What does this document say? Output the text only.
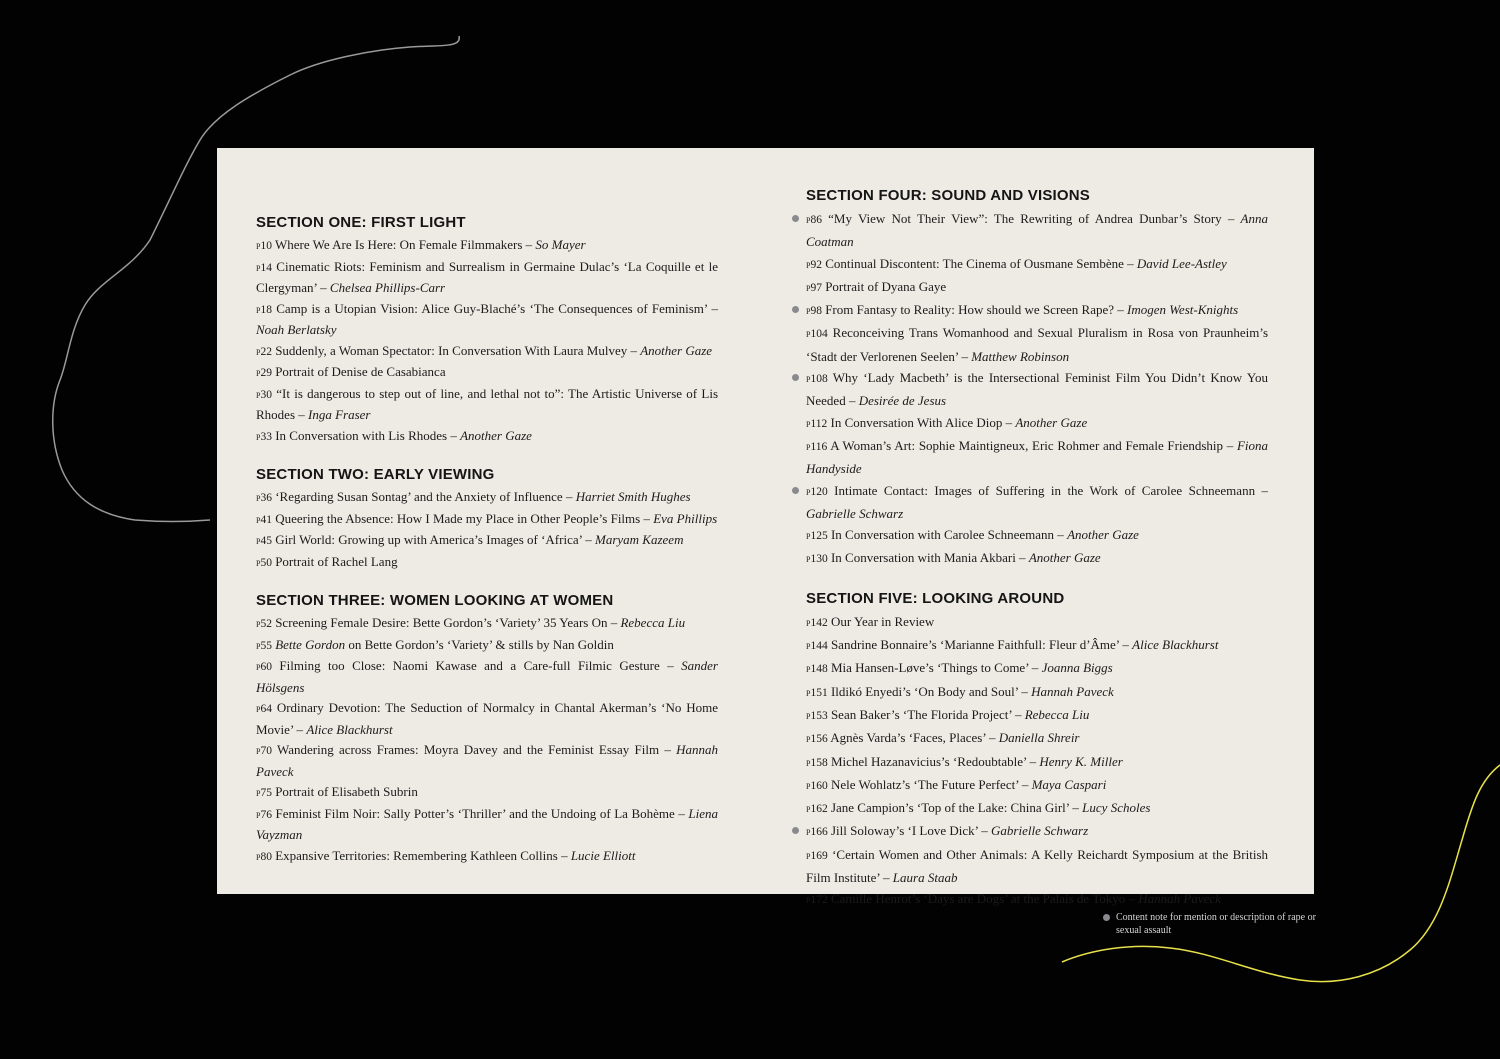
SECTION ONE: FIRST LIGHT
p10 Where We Are Is Here: On Female Filmmakers – So Mayer
p14 Cinematic Riots: Feminism and Surrealism in Germaine Dulac’s ‘La Coquille et le Clergyman’ – Chelsea Phillips-Carr
p18 Camp is a Utopian Vision: Alice Guy-Blaché’s ‘The Consequences of Feminism’ – Noah Berlatsky
p22 Suddenly, a Woman Spectator: In Conversation With Laura Mulvey – Another Gaze
p29 Portrait of Denise de Casabianca
p30 “It is dangerous to step out of line, and lethal not to”: The Artistic Universe of Lis Rhodes – Inga Fraser
p33 In Conversation with Lis Rhodes – Another Gaze
SECTION TWO: EARLY VIEWING
p36 ‘Regarding Susan Sontag’ and the Anxiety of Influence – Harriet Smith Hughes
p41 Queering the Absence: How I Made my Place in Other People’s Films – Eva Phillips
p45 Girl World: Growing up with America’s Images of ‘Africa’ – Maryam Kazeem
p50 Portrait of Rachel Lang
SECTION THREE: WOMEN LOOKING AT WOMEN
p52 Screening Female Desire: Bette Gordon’s ‘Variety’ 35 Years On – Rebecca Liu
p55 Bette Gordon on Bette Gordon’s ‘Variety’ & stills by Nan Goldin
p60 Filming too Close: Naomi Kawase and a Care-full Filmic Gesture – Sander Hölsgens
p64 Ordinary Devotion: The Seduction of Normalcy in Chantal Akerman’s ‘No Home Movie’ – Alice Blackhurst
p70 Wandering across Frames: Moyra Davey and the Feminist Essay Film – Hannah Paveck
p75 Portrait of Elisabeth Subrin
p76 Feminist Film Noir: Sally Potter’s ‘Thriller’ and the Undoing of La Bohème – Liena Vayzman
p80 Expansive Territories: Remembering Kathleen Collins – Lucie Elliott
SECTION FOUR: SOUND AND VISIONS
p86 “My View Not Their View”: The Rewriting of Andrea Dunbar’s Story – Anna Coatman
p92 Continual Discontent: The Cinema of Ousmane Sembène – David Lee-Astley
p97 Portrait of Dyana Gaye
p98 From Fantasy to Reality: How should we Screen Rape? – Imogen West-Knights
p104 Reconceiving Trans Womanhood and Sexual Pluralism in Rosa von Praunheim’s ‘Stadt der Verlorenen Seelen’ – Matthew Robinson
p108 Why ‘Lady Macbeth’ is the Intersectional Feminist Film You Didn’t Know You Needed – Desirée de Jesus
p112 In Conversation With Alice Diop – Another Gaze
p116 A Woman’s Art: Sophie Maintigneux, Eric Rohmer and Female Friendship – Fiona Handyside
p120 Intimate Contact: Images of Suffering in the Work of Carolee Schneemann – Gabrielle Schwarz
p125 In Conversation with Carolee Schneemann – Another Gaze
p130 In Conversation with Mania Akbari – Another Gaze
SECTION FIVE: LOOKING AROUND
p142 Our Year in Review
p144 Sandrine Bonnaire’s ‘Marianne Faithfull: Fleur d’Âme’ – Alice Blackhurst
p148 Mia Hansen-Løve’s ‘Things to Come’ – Joanna Biggs
p151 Ildikó Enyedi’s ‘On Body and Soul’ – Hannah Paveck
p153 Sean Baker’s ‘The Florida Project’ – Rebecca Liu
p156 Agnès Varda’s ‘Faces, Places’ – Daniella Shreir
p158 Michel Hazanavicius’s ‘Redoubtable’ – Henry K. Miller
p160 Nele Wohlatz’s ‘The Future Perfect’ – Maya Caspari
p162 Jane Campion’s ‘Top of the Lake: China Girl’ – Lucy Scholes
p166 Jill Soloway’s ‘I Love Dick’ – Gabrielle Schwarz
p169 ‘Certain Women and Other Animals: A Kelly Reichardt Symposium at the British Film Institute’ – Laura Staab
p172 Camille Henrot’s ‘Days are Dogs’ at the Palais de Tokyo – Hannah Paveck
Content note for mention or description of rape or sexual assault
